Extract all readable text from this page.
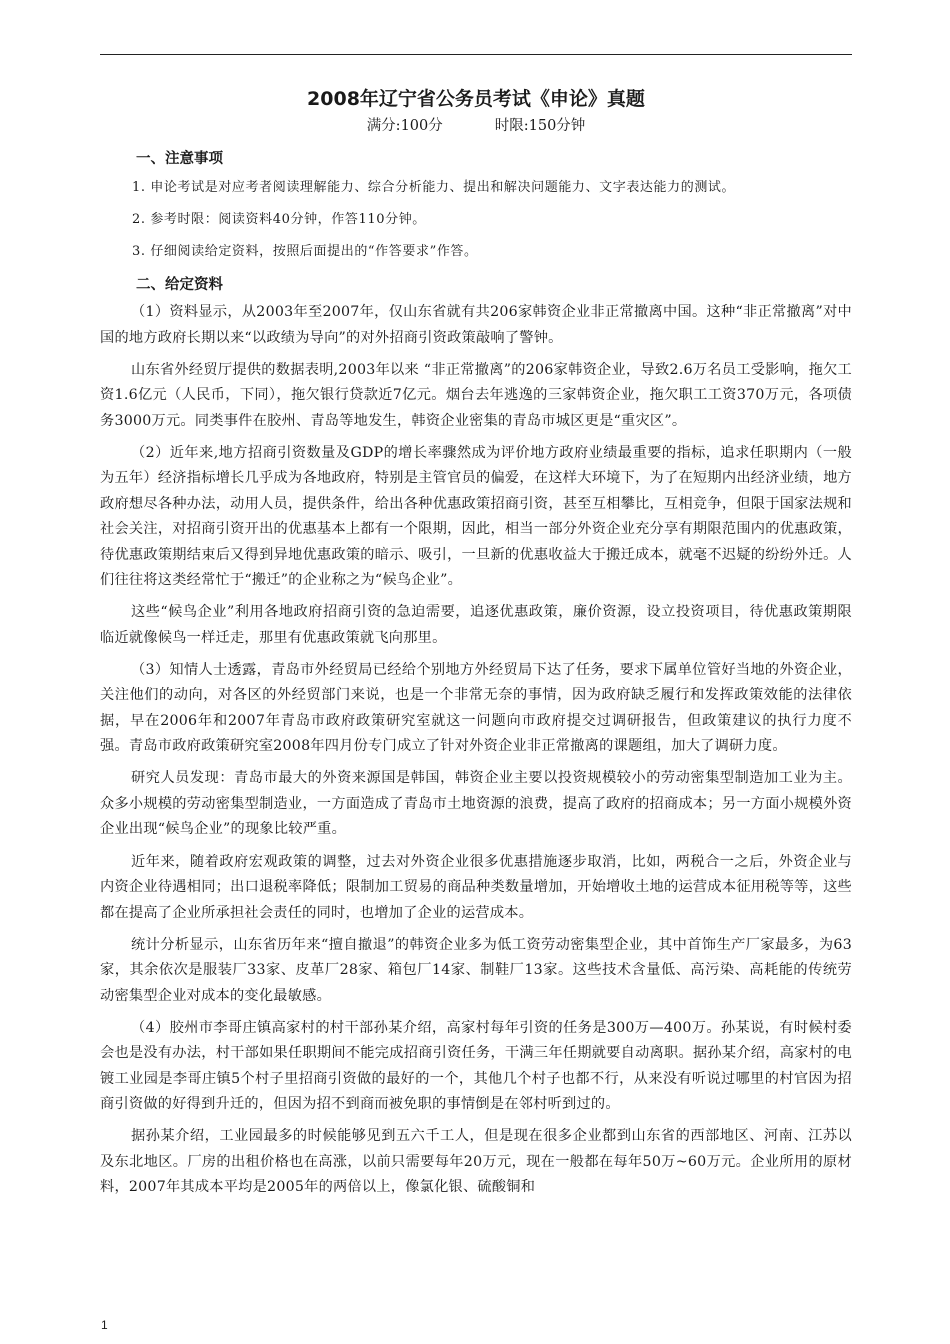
2008年辽宁省公务员考试《申论》真题

满分:100分	时限:150分钟

一、注意事项

1. 申论考试是对应考者阅读理解能力、综合分析能力、提出和解决问题能力、文字表达能力的测试。

2. 参考时限：阅读资料40分钟，作答110分钟。

3. 仔细阅读给定资料，按照后面提出的“作答要求”作答。

二、给定资料

（1）资料显示，从2003年至2007年，仅山东省就有共206家韩资企业非正常撤离中国。这种“非正常撤离”对中国的地方政府长期以来“以政绩为导向”的对外招商引资政策敲响了警钟。

山东省外经贸厅提供的数据表明,2003年以来 “非正常撤离”的206家韩资企业，导致2.6万名员工受影响，拖欠工资1.6亿元（人民币，下同），拖欠银行贷款近7亿元。烟台去年逃逸的三家韩资企业，拖欠职工工资370万元，各项债务3000万元。同类事件在胶州、青岛等地发生，韩资企业密集的青岛市城区更是“重灾区”。

（2）近年来,地方招商引资数量及GDP的增长率骤然成为评价地方政府业绩最重要的指标，追求任职期内（一般为五年）经济指标增长几乎成为各地政府，特别是主管官员的偏爱，在这样大环境下，为了在短期内出经济业绩，地方政府想尽各种办法，动用人员，提供条件，给出各种优惠政策招商引资，甚至互相攀比，互相竞争，但限于国家法规和社会关注，对招商引资开出的优惠基本上都有一个限期，因此，相当一部分外资企业充分享有期限范围内的优惠政策，待优惠政策期结束后又得到异地优惠政策的暗示、吸引，一旦新的优惠收益大于搬迁成本，就毫不迟疑的纷纷外迁。人们往往将这类经常忙于“搬迁”的企业称之为“候鸟企业”。

这些“候鸟企业”利用各地政府招商引资的急迫需要，追逐优惠政策，廉价资源，设立投资项目，待优惠政策期限临近就像候鸟一样迁走，那里有优惠政策就飞向那里。

（3）知情人士透露，青岛市外经贸局已经给个别地方外经贸局下达了任务，要求下属单位管好当地的外资企业，关注他们的动向，对各区的外经贸部门来说，也是一个非常无奈的事情，因为政府缺乏履行和发挥政策效能的法律依据，早在2006年和2007年青岛市政府政策研究室就这一问题向市政府提交过调研报告，但政策建议的执行力度不强。青岛市政府政策研究室2008年四月份专门成立了针对外资企业非正常撤离的课题组，加大了调研力度。

研究人员发现：青岛市最大的外资来源国是韩国，韩资企业主要以投资规模较小的劳动密集型制造加工业为主。众多小规模的劳动密集型制造业，一方面造成了青岛市土地资源的浪费，提高了政府的招商成本；另一方面小规模外资企业出现“候鸟企业”的现象比较严重。

近年来，随着政府宏观政策的调整，过去对外资企业很多优惠措施逐步取消，比如，两税合一之后，外资企业与内资企业待遇相同；出口退税率降低；限制加工贸易的商品种类数量增加，开始增收土地的运营成本征用税等等，这些都在提高了企业所承担社会责任的同时，也增加了企业的运营成本。

统计分析显示，山东省历年来“擅自撤退”的韩资企业多为低工资劳动密集型企业，其中首饰生产厂家最多，为63家，其余依次是服装厂33家、皮革厂28家、箱包厂14家、制鞋厂13家。这些技术含量低、高污染、高耗能的传统劳动密集型企业对成本的变化最敏感。

（4）胶州市李哥庄镇高家村的村干部孙某介绍，高家村每年引资的任务是300万—400万。孙某说，有时候村委会也是没有办法，村干部如果任职期间不能完成招商引资任务，干满三年任期就要自动离职。据孙某介绍，高家村的电镀工业园是李哥庄镇5个村子里招商引资做的最好的一个，其他几个村子也都不行，从来没有听说过哪里的村官因为招商引资做的好得到升迁的，但因为招不到商而被免职的事情倒是在邻村听到过的。

据孙某介绍，工业园最多的时候能够见到五六千工人，但是现在很多企业都到山东省的西部地区、河南、江苏以及东北地区。厂房的出租价格也在高涨，以前只需要每年20万元，现在一般都在每年50万~60万元。企业所用的原材料，2007年其成本平均是2005年的两倍以上，像氯化银、硫酸铜和

1
